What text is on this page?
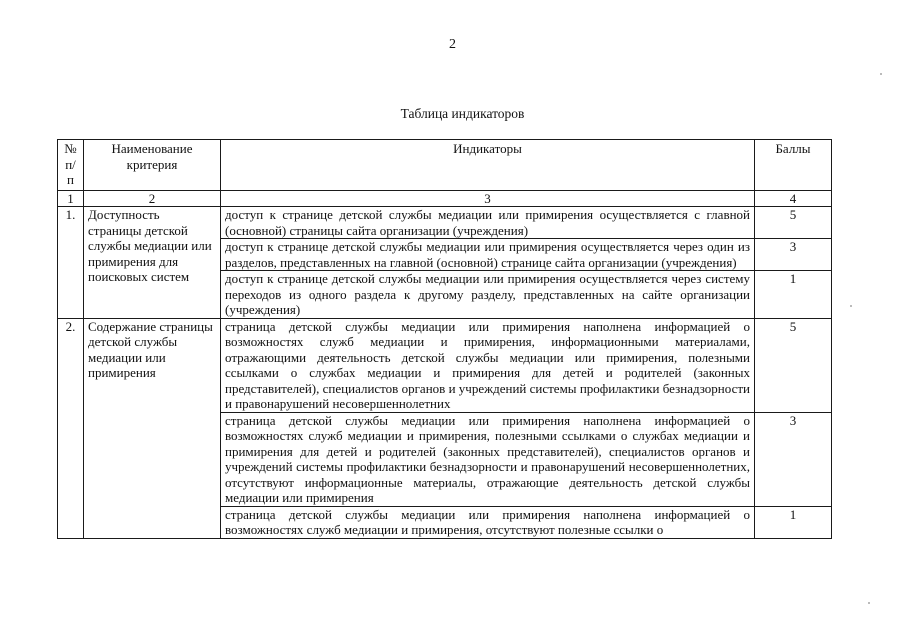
2
Таблица индикаторов
№ п/п	Наименование критерия	Индикаторы	Баллы
1	2	3	4
1.	Доступность страницы детской службы медиации или примирения для поисковых систем	доступ к странице детской службы медиации или примирения осуществляется с главной (основной) страницы сайта организации (учреждения)	5
		доступ к странице детской службы медиации или примирения осуществляется через один из разделов, представленных на главной (основной) странице сайта организации (учреждения)	3
		доступ к странице детской службы медиации или примирения осуществляется через систему переходов из одного раздела к другому разделу, представленных на сайте организации (учреждения)	1
2.	Содержание страницы детской службы медиации или примирения	страница детской службы медиации или примирения наполнена информацией о возможностях служб медиации и примирения, информационными материалами, отражающими деятельность детской службы медиации или примирения, полезными ссылками о службах медиации и примирения для детей и родителей (законных представителей), специалистов органов и учреждений системы профилактики безнадзорности и правонарушений несовершеннолетних	5
		страница детской службы медиации или примирения наполнена информацией о возможностях служб медиации и примирения, полезными ссылками о службах медиации и примирения для детей и родителей (законных представителей), специалистов органов и учреждений системы профилактики безнадзорности и правонарушений несовершеннолетних, отсутствуют информационные материалы, отражающие деятельность детской службы медиации или примирения	3
		страница детской службы медиации или примирения наполнена информацией о возможностях служб медиации и примирения, отсутствуют полезные ссылки о	1
